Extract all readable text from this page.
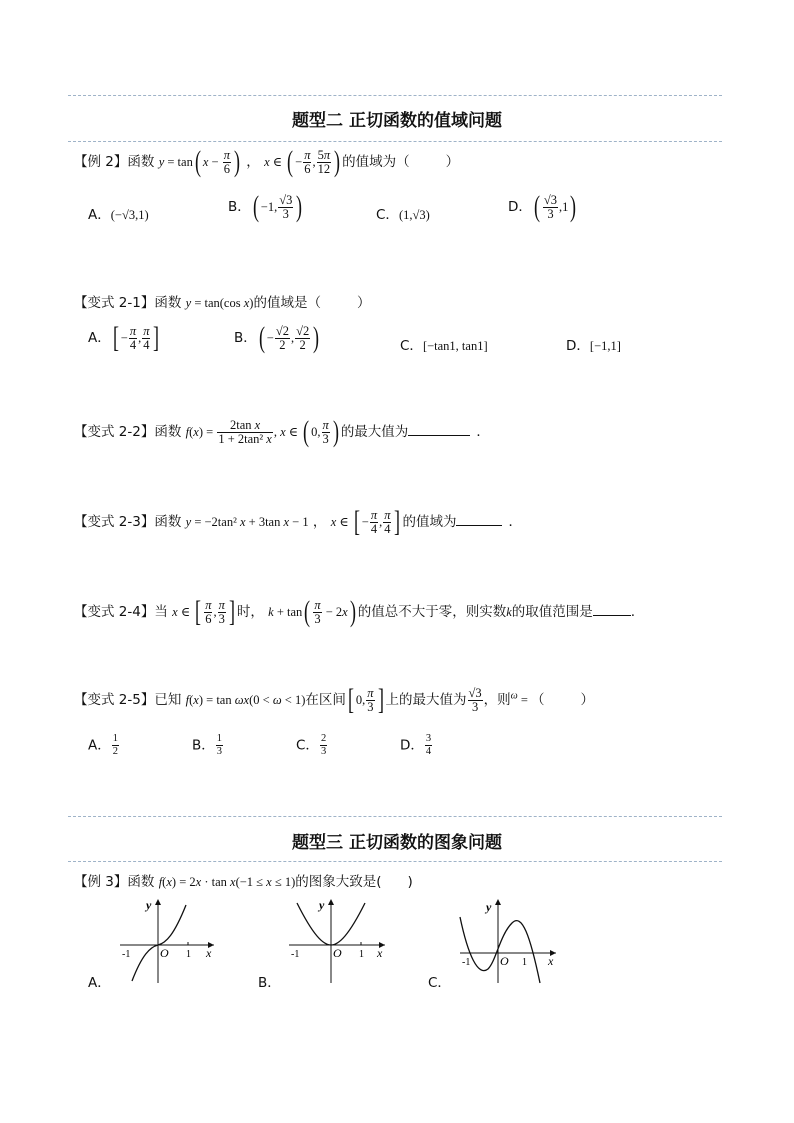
题型二 正切函数的值域问题
【例 2】函数 y = tan( $x - \frac{\pi}{6}$ ) ， x ∈ ( − $\frac{\pi}{6}$ , $\frac{5\pi}{12}$ ) 的值域为（	）
A．(−√3,1)	B．( −1, $\frac{√3}{3}$ )	C．(1,√3)	D．( $\frac{√3}{3} ,1$)
【变式 2-1】函数 y = tan(cos x)的值域是（	）
A．[ − $\frac{\pi}{4}$ , $\frac{\pi}{4}$ ]	B．( − $\frac{√2}{2}$ , $\frac{√2}{2}$ )	C．[−tan1, tan1]	D．[−1,1]
【变式 2-2】函数 $f(x) = \frac{\text{2tan x}}{\text{1 + 2tan² x}}$ , x ∈ ( 0, $\frac{\pi}{3}$ ) 的最大值为	．
【变式 2-3】函数 y = −2tan² x + 3tan x − 1 ， x ∈ [ − $\frac{\pi}{4}$ , $\frac{\pi}{4}$ ] 的值域为	．
【变式 2-4】当 x ∈ [ $\frac{\pi}{6}$ , $\frac{\pi}{3}$ ] 时， $k + \tan( \frac{\pi}{3} - 2x)$ 的值总不大于零，则实数k的取值范围是	.
【变式 2-5】已知 f(x) = tan ωx(0 < ω < 1)在区间[ 0, $\frac{\pi}{3}$ ] 上的最大值为 $\frac{√3}{3}$ ，则$^\omega$ = （	）
A． $\frac{1}{2}$	B． $\frac{1}{3}$	C． $\frac{2}{3}$	D． $\frac{3}{4}$
题型三 正切函数的图象问题
【例 3】函数 f(x) = 2x · tan x(−1 ≤ x ≤ 1)的图象大致是( )
A．	B．	C．
y
x
O
-1	1
y
x
O
-1	1
y
x
O
-1	1
